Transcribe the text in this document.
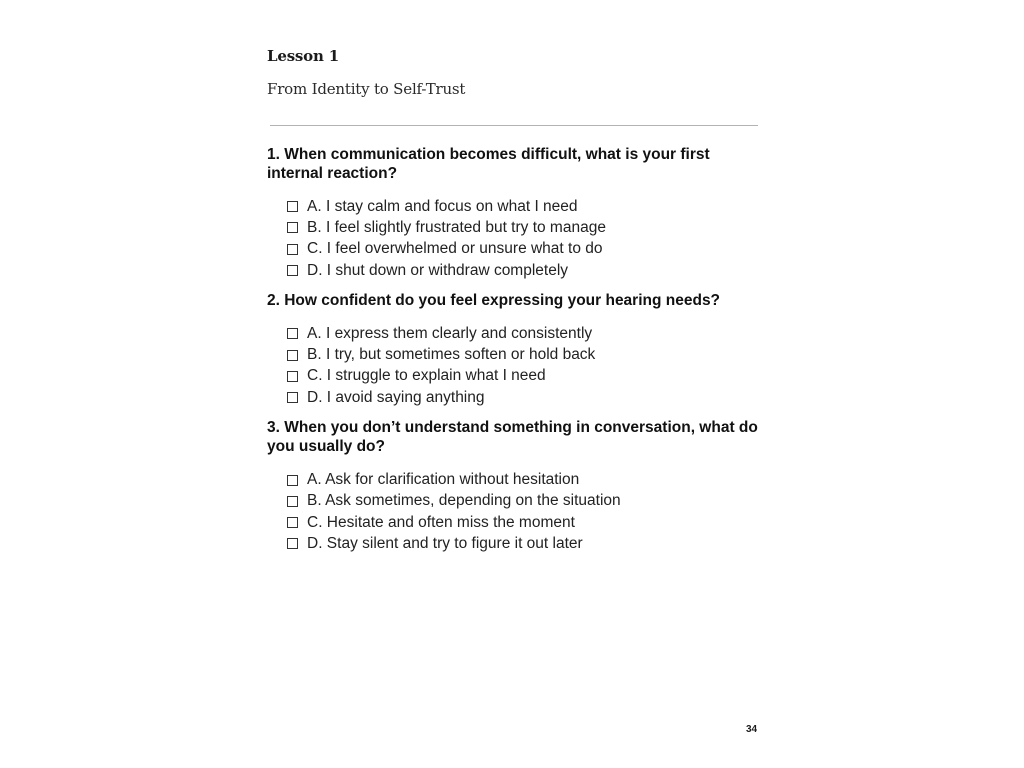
Lesson 1

From Identity to Self-Trust

1. When communication becomes difficult, what is your first internal reaction?

A. I stay calm and focus on what I need
B. I feel slightly frustrated but try to manage
C. I feel overwhelmed or unsure what to do
D. I shut down or withdraw completely

2. How confident do you feel expressing your hearing needs?

A. I express them clearly and consistently
B. I try, but sometimes soften or hold back
C. I struggle to explain what I need
D. I avoid saying anything

3. When you don’t understand something in conversation, what do you usually do?

A. Ask for clarification without hesitation
B. Ask sometimes, depending on the situation
C. Hesitate and often miss the moment
D. Stay silent and try to figure it out later
34
